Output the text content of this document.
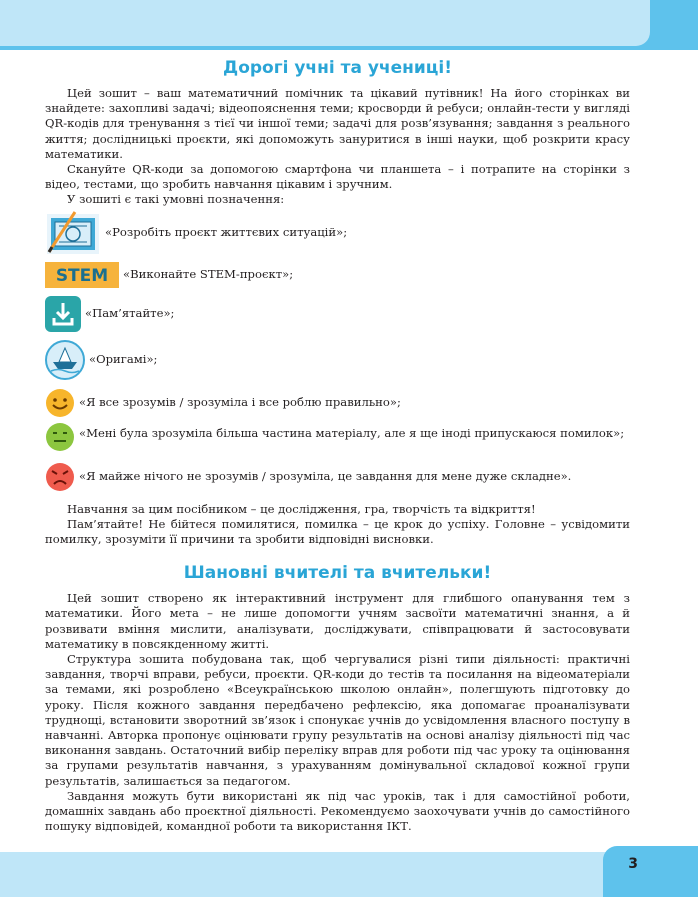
Дорогі учні та учениці!

Цей зошит – ваш математичний помічник та цікавий путівник! На його сторінках ви знайдете: захопливі задачі; відеопояснення теми; кросворди й ребуси; онлайн-тести у вигляді QR-кодів для тренування з тієї чи іншої теми; задачі для розв’язування; завдання з реального життя; дослідницькі проєкти, які допоможуть зануритися в інші науки, щоб розкрити красу математики.

Скануйте QR-коди за допомогою смартфона чи планшета – і потрапите на сторінки з відео, тестами, що зробить навчання цікавим і зручним.

У зошиті є такі умовні позначення:

«Розробіть проєкт життєвих ситуацій»;
STEM «Виконайте STEM-проєкт»;
«Пам’ятайте»;
«Оригамі»;
«Я все зрозумів / зрозуміла і все роблю правильно»;
«Мені була зрозуміла більша частина матеріалу, але я ще іноді припускаюся помилок»;
«Я майже нічого не зрозумів / зрозуміла, це завдання для мене дуже складне».

Навчання за цим посібником – це дослідження, гра, творчість та відкриття!

Пам’ятайте! Не бійтеся помилятися, помилка – це крок до успіху. Головне – усвідомити помилку, зрозуміти її причини та зробити відповідні висновки.

Шановні вчителі та вчительки!

Цей зошит створено як інтерактивний інструмент для глибшого опанування тем з математики. Його мета – не лише допомогти учням засвоїти математичні знання, а й розвивати вміння мислити, аналізувати, досліджувати, співпрацювати й застосовувати математику в повсякденному житті.

Структура зошита побудована так, щоб чергувалися різні типи діяльності: практичні завдання, творчі вправи, ребуси, проєкти. QR-коди до тестів та посилання на відеоматеріали за темами, які розроблено «Всеукраїнською школою онлайн», полегшують підготовку до уроку. Після кожного завдання передбачено рефлексію, яка допомагає проаналізувати труднощі, встановити зворотний зв’язок і спонукає учнів до усвідомлення власного поступу в навчанні. Авторка пропонує оцінювати групу результатів на основі аналізу діяльності під час виконання завдань. Остаточний вибір переліку вправ для роботи під час уроку та оцінювання за групами результатів навчання, з урахуванням домінувальної складової кожної групи результатів, залишається за педагогом.

Завдання можуть бути використані як під час уроків, так і для самостійної роботи, домашніх завдань або проєктної діяльності. Рекомендуємо заохочувати учнів до самостійного пошуку відповідей, командної роботи та використання ІКТ.

3
